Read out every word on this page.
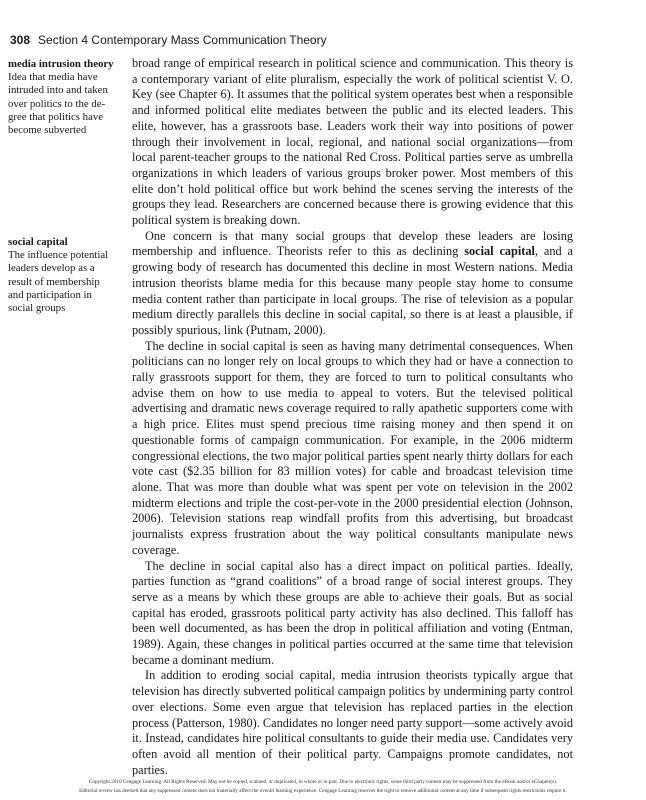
308 Section 4 Contemporary Mass Communication Theory
media intrusion theory
Idea that media have intruded into and taken over politics to the degree that politics have become subverted
social capital
The influence potential leaders develop as a result of membership and participation in social groups

broad range of empirical research in political science and communication. This theory is a contemporary variant of elite pluralism, especially the work of political scientist V. O. Key (see Chapter 6). It assumes that the political system operates best when a responsible and informed political elite mediates between the public and its elected leaders. This elite, however, has a grassroots base. Leaders work their way into positions of power through their involvement in local, regional, and national social organizations—from local parent-teacher groups to the national Red Cross. Political parties serve as umbrella organizations in which leaders of various groups broker power. Most members of this elite don’t hold political office but work behind the scenes serving the interests of the groups they lead. Researchers are concerned because there is growing evidence that this political system is breaking down.

One concern is that many social groups that develop these leaders are losing membership and influence. Theorists refer to this as declining social capital, and a growing body of research has documented this decline in most Western nations. Media intrusion theorists blame media for this because many people stay home to consume media content rather than participate in local groups. The rise of television as a popular medium directly parallels this decline in social capital, so there is at least a plausible, if possibly spurious, link (Putnam, 2000).

The decline in social capital is seen as having many detrimental consequences. When politicians can no longer rely on local groups to which they had or have a connection to rally grassroots support for them, they are forced to turn to political consultants who advise them on how to use media to appeal to voters. But the televised political advertising and dramatic news coverage required to rally apathetic supporters come with a high price. Elites must spend precious time raising money and then spend it on questionable forms of campaign communication. For example, in the 2006 midterm congressional elections, the two major political parties spent nearly thirty dollars for each vote cast ($2.35 billion for 83 million votes) for cable and broadcast television time alone. That was more than double what was spent per vote on television in the 2002 midterm elections and triple the cost-per-vote in the 2000 presidential election (Johnson, 2006). Television stations reap windfall profits from this advertising, but broadcast journalists express frustration about the way political consultants manipulate news coverage.

The decline in social capital also has a direct impact on political parties. Ideally, parties function as “grand coalitions” of a broad range of social interest groups. They serve as a means by which these groups are able to achieve their goals. But as social capital has eroded, grassroots political party activity has also declined. This falloff has been well documented, as has been the drop in political affiliation and voting (Entman, 1989). Again, these changes in political parties occurred at the same time that television became a dominant medium.

In addition to eroding social capital, media intrusion theorists typically argue that television has directly subverted political campaign politics by undermining party control over elections. Some even argue that television has replaced parties in the election process (Patterson, 1980). Candidates no longer need party support—some actively avoid it. Instead, candidates hire political consultants to guide their media use. Candidates very often avoid all mention of their political party. Campaigns promote candidates, not parties.

Copyright 2010 Cengage Learning. All Rights Reserved. May not be copied, scanned, or duplicated, in whole or in part. Due to electronic rights, some third party content may be suppressed from the eBook and/or eChapter(s).
Editorial review has deemed that any suppressed content does not materially affect the overall learning experience. Cengage Learning reserves the right to remove additional content at any time if subsequent rights restrictions require it.
